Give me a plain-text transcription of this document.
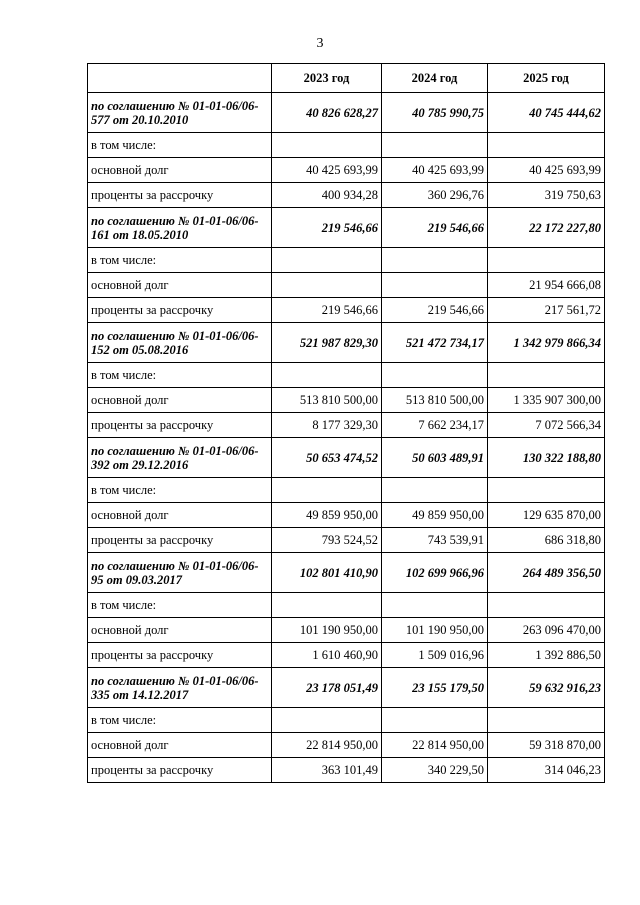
3
	2023 год	2024 год	2025 год
по соглашению № 01-01-06/06-577 от 20.10.2010	40 826 628,27	40 785 990,75	40 745 444,62
в том числе:			
основной долг	40 425 693,99	40 425 693,99	40 425 693,99
проценты за рассрочку	400 934,28	360 296,76	319 750,63
по соглашению № 01-01-06/06-161 от 18.05.2010	219 546,66	219 546,66	22 172 227,80
в том числе:			
основной долг			21 954 666,08
проценты за рассрочку	219 546,66	219 546,66	217 561,72
по соглашению № 01-01-06/06-152 от 05.08.2016	521 987 829,30	521 472 734,17	1 342 979 866,34
в том числе:			
основной долг	513 810 500,00	513 810 500,00	1 335 907 300,00
проценты за рассрочку	8 177 329,30	7 662 234,17	7 072 566,34
по соглашению № 01-01-06/06-392 от 29.12.2016	50 653 474,52	50 603 489,91	130 322 188,80
в том числе:			
основной долг	49 859 950,00	49 859 950,00	129 635 870,00
проценты за рассрочку	793 524,52	743 539,91	686 318,80
по соглашению № 01-01-06/06-95 от 09.03.2017	102 801 410,90	102 699 966,96	264 489 356,50
в том числе:			
основной долг	101 190 950,00	101 190 950,00	263 096 470,00
проценты за рассрочку	1 610 460,90	1 509 016,96	1 392 886,50
по соглашению № 01-01-06/06-335 от 14.12.2017	23 178 051,49	23 155 179,50	59 632 916,23
в том числе:			
основной долг	22 814 950,00	22 814 950,00	59 318 870,00
проценты за рассрочку	363 101,49	340 229,50	314 046,23
